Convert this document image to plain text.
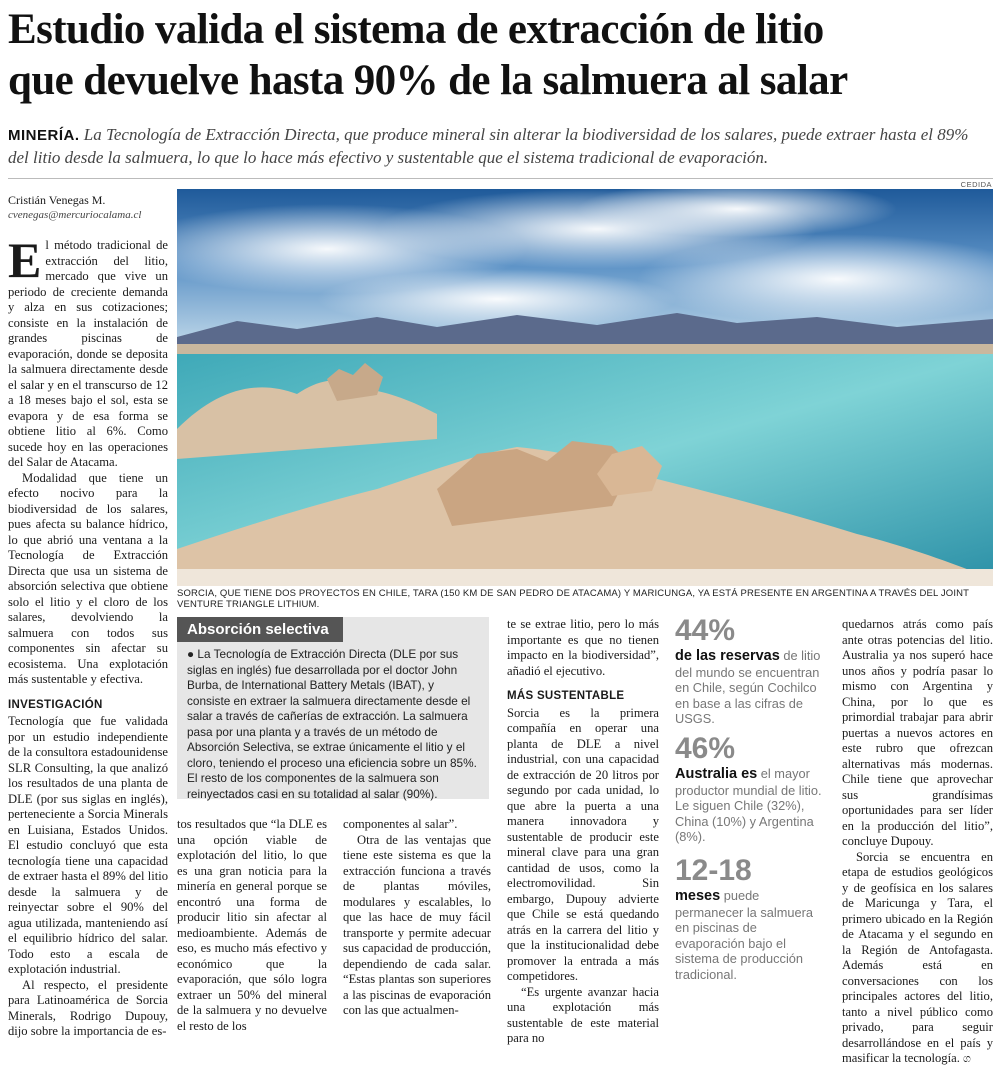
Estudio valida el sistema de extracción de litio
que devuelve hasta 90% de la salmuera al salar
MINERÍA. La Tecnología de Extracción Directa, que produce mineral sin alterar la biodiversidad de los salares, puede extraer hasta el 89% del litio desde la salmuera, lo que lo hace más efectivo y sustentable que el sistema tradicional de evaporación.
Cristián Venegas M.
cvenegas@mercuriocalama.cl
CEDIDA
SORCIA, QUE TIENE DOS PROYECTOS EN CHILE, TARA (150 KM DE SAN PEDRO DE ATACAMA) Y MARICUNGA, YA ESTÁ PRESENTE EN ARGENTINA A TRAVÉS DEL JOINT VENTURE TRIANGLE LITHIUM.

El método tradicional de extracción del litio, mercado que vive un periodo de creciente demanda y alza en sus cotizaciones; consiste en la instalación de grandes piscinas de evaporación, donde se deposita la salmuera directamente desde el salar y en el transcurso de 12 a 18 meses bajo el sol, esta se evapora y de esa forma se obtiene litio al 6%. Como sucede hoy en las operaciones del Salar de Atacama.

Modalidad que tiene un efecto nocivo para la biodiversidad de los salares, pues afecta su balance hídrico, lo que abrió una ventana a la Tecnología de Extracción Directa que usa un sistema de absorción selectiva que obtiene solo el litio y el cloro de los salares, devolviendo la salmuera con todos sus componentes sin afectar su ecosistema. Una explotación más sustentable y efectiva.

INVESTIGACIÓN

Tecnología que fue validada por un estudio independiente de la consultora estadounidense SLR Consulting, la que analizó los resultados de una planta de DLE (por sus siglas en inglés), perteneciente a Sorcia Minerals en Luisiana, Estados Unidos. El estudio concluyó que esta tecnología tiene una capacidad de extraer hasta el 89% del litio desde la salmuera y de reinyectar sobre el 90% del agua utilizada, manteniendo así el equilibrio hídrico del salar. Todo esto a escala de explotación industrial.

Al respecto, el presidente para Latinoamérica de Sorcia Minerals, Rodrigo Dupouy, dijo sobre la importancia de es-

Absorción selectiva
● La Tecnología de Extracción Directa (DLE por sus siglas en inglés) fue desarrollada por el doctor John Burba, de International Battery Metals (IBAT), y consiste en extraer la salmuera directamente desde el salar a través de cañerías de extracción. La salmuera pasa por una planta y a través de un método de Absorción Selectiva, se extrae únicamente el litio y el cloro, teniendo el proceso una eficiencia sobre un 85%. El resto de los componentes de la salmuera son reinyectados casi en su totalidad al salar (90%).

tos resultados que “la DLE es una opción viable de explotación del litio, lo que es una gran noticia para la minería en general porque se encontró una forma de producir litio sin afectar al medioambiente. Además de eso, es mucho más efectivo y económico que la evaporación, que sólo logra extraer un 50% del mineral de la salmuera y no devuelve el resto de los

componentes al salar”.

Otra de las ventajas que tiene este sistema es que la extracción funciona a través de plantas móviles, modulares y escalables, lo que las hace de muy fácil transporte y permite adecuar sus capacidad de producción, dependiendo de cada salar. “Estas plantas son superiores a las piscinas de evaporación con las que actualmen-

te se extrae litio, pero lo más importante es que no tienen impacto en la biodiversidad”, añadió el ejecutivo.

MÁS SUSTENTABLE

Sorcia es la primera compañía en operar una planta de DLE a nivel industrial, con una capacidad de extracción de 20 litros por segundo por cada unidad, lo que abre la puerta a una manera innovadora y sustentable de producir este mineral clave para una gran cantidad de usos, como la electromovilidad. Sin embargo, Dupouy advierte que Chile se está quedando atrás en la carrera del litio y que la institucionalidad debe promover la entrada a más competidores.

“Es urgente avanzar hacia una explotación más sustentable de este material para no

44%
de las reservas de litio del mundo se encuentran en Chile, según Cochilco en base a las cifras de USGS.
46%
Australia es el mayor productor mundial de litio. Le siguen Chile (32%), China (10%) y Argentina (8%).
12-18
meses puede permanecer la salmuera en piscinas de evaporación bajo el sistema de producción tradicional.

quedarnos atrás como país ante otras potencias del litio. Australia ya nos superó hace unos años y podría pasar lo mismo con Argentina y China, por lo que es primordial trabajar para abrir puertas a nuevos actores en este rubro que ofrezcan alternativas más modernas. Chile tiene que aprovechar sus grandísimas oportunidades para ser líder en la producción del litio”, concluye Dupouy.

Sorcia se encuentra en etapa de estudios geológicos y de geofísica en los salares de Maricunga y Tara, el primero ubicado en la Región de Atacama y el segundo en la Región de Antofagasta. Además está en conversaciones con los principales actores del litio, tanto a nivel público como privado, para seguir desarrollándose en el país y masificar la tecnología. ග
